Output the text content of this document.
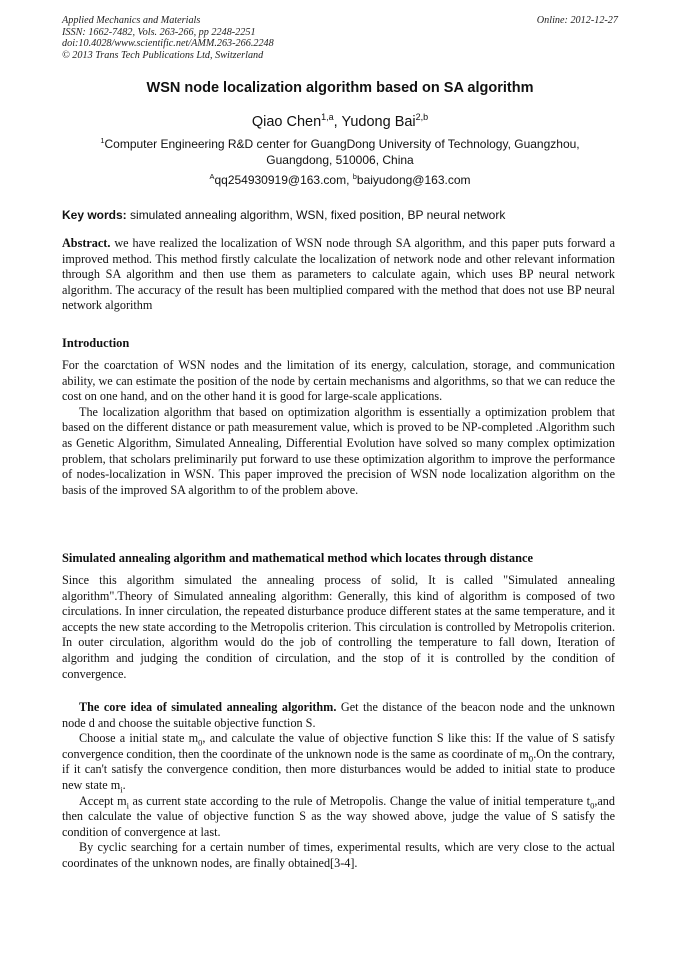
Applied Mechanics and Materials
ISSN: 1662-7482, Vols. 263-266, pp 2248-2251
doi:10.4028/www.scientific.net/AMM.263-266.2248
© 2013 Trans Tech Publications Ltd, Switzerland
Online: 2012-12-27
WSN node localization algorithm based on SA algorithm
Qiao Chen$^{1,a}$, Yudong Bai$^{2,b}$
$^1$Computer Engineering R&D center for GuangDong University of Technology, Guangzhou, Guangdong, 510006, China
$^A$qq254930919@163.com, $^b$baiyudong@163.com
Key words: simulated annealing algorithm, WSN, fixed position, BP neural network

Abstract. we have realized the localization of WSN node through SA algorithm, and this paper puts forward a improved method. This method firstly calculate the localization of network node and other relevant information through SA algorithm and then use them as parameters to calculate again, which uses BP neural network algorithm. The accuracy of the result has been multiplied compared with the method that does not use BP neural network algorithm

Introduction

For the coarctation of WSN nodes and the limitation of its energy, calculation, storage, and communication ability, we can estimate the position of the node by certain mechanisms and algorithms, so that we can reduce the cost on one hand, and on the other hand it is good for large-scale applications.

The localization algorithm that based on optimization algorithm is essentially a optimization problem that based on the different distance or path measurement value, which is proved to be NP-completed .Algorithm such as Genetic Algorithm, Simulated Annealing, Differential Evolution have solved so many complex optimization problem, that scholars preliminarily put forward to use these optimization algorithm to improve the performance of nodes-localization in WSN. This paper improved the precision of WSN node localization algorithm on the basis of the improved SA algorithm to of the problem above.

Simulated annealing algorithm and mathematical method which locates through distance

Since this algorithm simulated the annealing process of solid, It is called "Simulated annealing algorithm".Theory of Simulated annealing algorithm: Generally, this kind of algorithm is composed of two circulations. In inner circulation, the repeated disturbance produce different states at the same temperature, and it accepts the new state according to the Metropolis criterion. This circulation is controlled by Metropolis criterion. In outer circulation, algorithm would do the job of controlling the temperature to fall down, Iteration of algorithm and judging the condition of circulation, and the stop of it is controlled by the condition of convergence.

The core idea of simulated annealing algorithm. Get the distance of the beacon node and the unknown node d and choose the suitable objective function S.

Choose a initial state $m_0$, and calculate the value of objective function S like this: If the value of S satisfy convergence condition, then the coordinate of the unknown node is the same as coordinate of $m_0.On$ the contrary, if it can't satisfy the convergence condition, then more disturbances would be added to initial state to produce new state $m_i$.

Accept $m_i$ as current state according to the rule of Metropolis. Change the value of initial temperature $t_0,and$ then calculate the value of objective function S as the way showed above, judge the value of S satisfy the condition of convergence at last.

By cyclic searching for a certain number of times, experimental results, which are very close to the actual coordinates of the unknown nodes, are finally obtained[3-4].
